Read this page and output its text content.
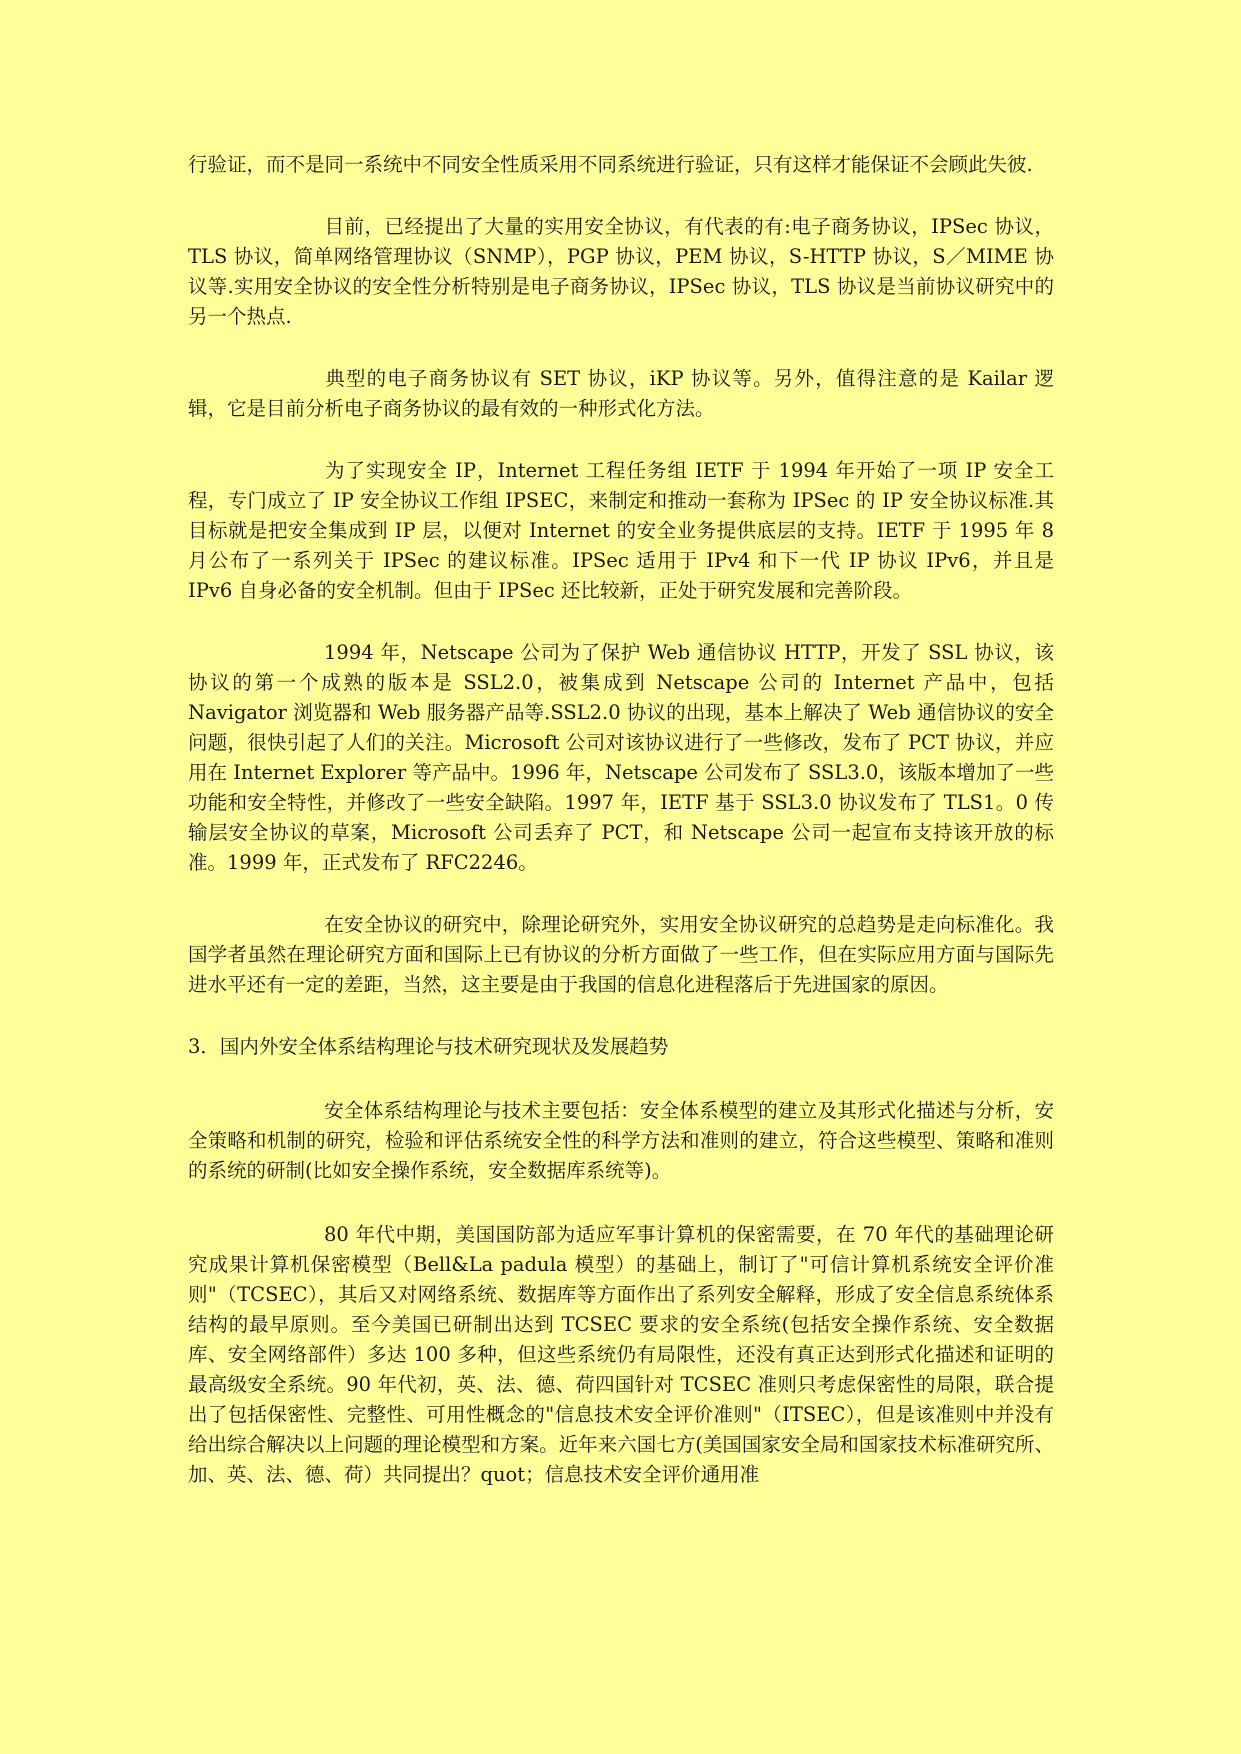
行验证，而不是同一系统中不同安全性质采用不同系统进行验证，只有这样才能保证不会顾此失彼.

目前，已经提出了大量的实用安全协议，有代表的有:电子商务协议，IPSec 协议，TLS 协议，简单网络管理协议（SNMP），PGP 协议，PEM 协议，S-HTTP 协议，S／MIME 协议等.实用安全协议的安全性分析特别是电子商务协议，IPSec 协议，TLS 协议是当前协议研究中的另一个热点.

典型的电子商务协议有 SET 协议，iKP 协议等。另外，值得注意的是 Kailar 逻辑，它是目前分析电子商务协议的最有效的一种形式化方法。

为了实现安全 IP，Internet 工程任务组 IETF 于 1994 年开始了一项 IP 安全工程，专门成立了 IP 安全协议工作组 IPSEC，来制定和推动一套称为 IPSec 的 IP 安全协议标准.其目标就是把安全集成到 IP 层，以便对 Internet 的安全业务提供底层的支持。IETF 于 1995 年 8 月公布了一系列关于 IPSec 的建议标准。IPSec 适用于 IPv4 和下一代 IP 协议 IPv6，并且是 IPv6 自身必备的安全机制。但由于 IPSec 还比较新，正处于研究发展和完善阶段。

1994 年，Netscape 公司为了保护 Web 通信协议 HTTP，开发了 SSL 协议，该协议的第一个成熟的版本是 SSL2.0，被集成到 Netscape 公司的 Internet 产品中，包括 Navigator 浏览器和 Web 服务器产品等.SSL2.0 协议的出现，基本上解决了 Web 通信协议的安全问题，很快引起了人们的关注。Microsoft 公司对该协议进行了一些修改，发布了 PCT 协议，并应用在 Internet Explorer 等产品中。1996 年，Netscape 公司发布了 SSL3.0，该版本增加了一些功能和安全特性，并修改了一些安全缺陷。1997 年，IETF 基于 SSL3.0 协议发布了 TLS1。0 传输层安全协议的草案，Microsoft 公司丢弃了 PCT，和 Netscape 公司一起宣布支持该开放的标准。1999 年，正式发布了 RFC2246。

在安全协议的研究中，除理论研究外，实用安全协议研究的总趋势是走向标准化。我国学者虽然在理论研究方面和国际上已有协议的分析方面做了一些工作，但在实际应用方面与国际先进水平还有一定的差距，当然，这主要是由于我国的信息化进程落后于先进国家的原因。

3．国内外安全体系结构理论与技术研究现状及发展趋势

安全体系结构理论与技术主要包括：安全体系模型的建立及其形式化描述与分析，安全策略和机制的研究，检验和评估系统安全性的科学方法和准则的建立，符合这些模型、策略和准则的系统的研制(比如安全操作系统，安全数据库系统等)。

80 年代中期，美国国防部为适应军事计算机的保密需要，在 70 年代的基础理论研究成果计算机保密模型（Bell&La padula 模型）的基础上，制订了"可信计算机系统安全评价准则"（TCSEC），其后又对网络系统、数据库等方面作出了系列安全解释，形成了安全信息系统体系结构的最早原则。至今美国已研制出达到 TCSEC 要求的安全系统(包括安全操作系统、安全数据库、安全网络部件）多达 100 多种，但这些系统仍有局限性，还没有真正达到形式化描述和证明的最高级安全系统。90 年代初，英、法、德、荷四国针对 TCSEC 准则只考虑保密性的局限，联合提出了包括保密性、完整性、可用性概念的"信息技术安全评价准则"（ITSEC），但是该准则中并没有给出综合解决以上问题的理论模型和方案。近年来六国七方(美国国家安全局和国家技术标准研究所、加、英、法、德、荷）共同提出？quot；信息技术安全评价通用准
